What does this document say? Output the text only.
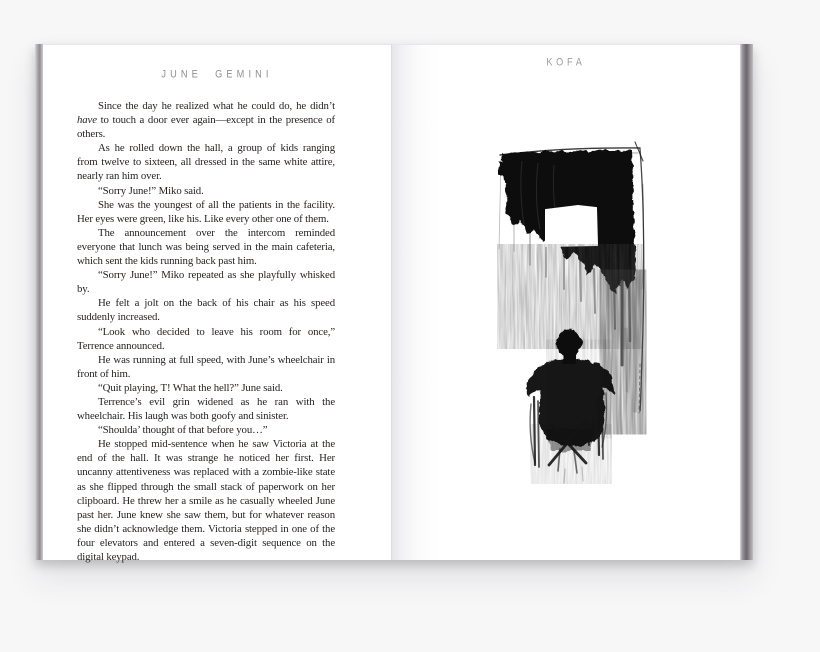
JUNE GEMINI

Since the day he realized what he could do, he didn’t have to touch a door ever again—except in the presence of others.

As he rolled down the hall, a group of kids ranging from twelve to sixteen, all dressed in the same white attire, nearly ran him over.

“Sorry June!” Miko said.

She was the youngest of all the patients in the facility. Her eyes were green, like his. Like every other one of them.

The announcement over the intercom reminded everyone that lunch was being served in the main cafeteria, which sent the kids running back past him.

“Sorry June!” Miko repeated as she playfully whisked by.

He felt a jolt on the back of his chair as his speed suddenly increased.

“Look who decided to leave his room for once,” Terrence announced.

He was running at full speed, with June’s wheelchair in front of him.

“Quit playing, T! What the hell?” June said.

Terrence’s evil grin widened as he ran with the wheelchair. His laugh was both goofy and sinister.

“Shoulda’ thought of that before you…”

He stopped mid-sentence when he saw Victoria at the end of the hall. It was strange he noticed her first. Her uncanny attentiveness was replaced with a zombie-like state as she flipped through the small stack of paperwork on her clipboard. He threw her a smile as he casually wheeled June past her. June knew she saw them, but for whatever reason she didn’t acknowledge them. Victoria stepped in one of the four elevators and entered a seven-digit sequence on the digital keypad.

KOFA
